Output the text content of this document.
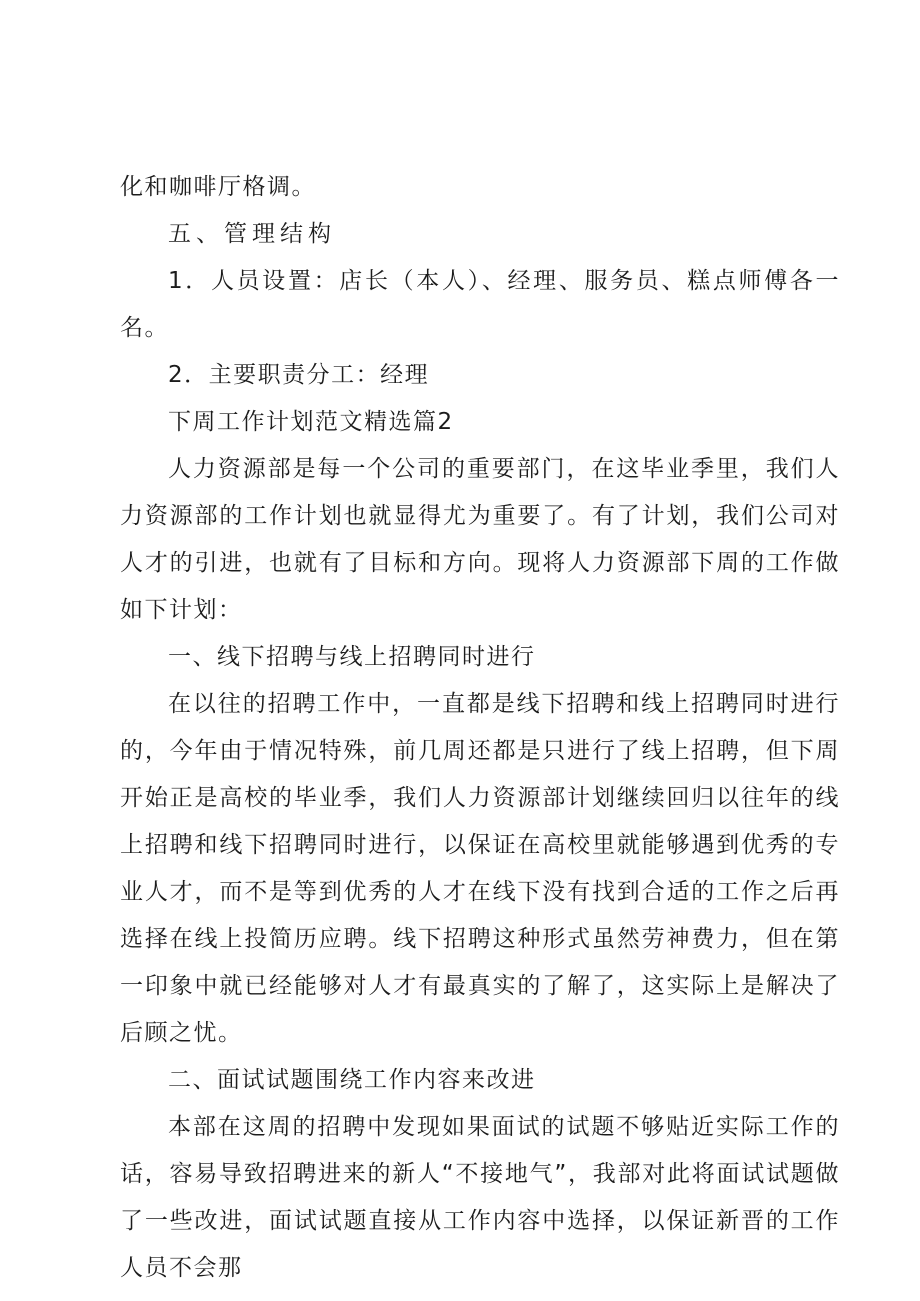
化和咖啡厅格调。

五、管理结构

1．人员设置：店长（本人）、经理、服务员、糕点师傅各一名。

2．主要职责分工：经理

下周工作计划范文精选篇2

人力资源部是每一个公司的重要部门，在这毕业季里，我们人力资源部的工作计划也就显得尤为重要了。有了计划，我们公司对人才的引进，也就有了目标和方向。现将人力资源部下周的工作做如下计划：

一、线下招聘与线上招聘同时进行

在以往的招聘工作中，一直都是线下招聘和线上招聘同时进行的，今年由于情况特殊，前几周还都是只进行了线上招聘，但下周开始正是高校的毕业季，我们人力资源部计划继续回归以往年的线上招聘和线下招聘同时进行，以保证在高校里就能够遇到优秀的专业人才，而不是等到优秀的人才在线下没有找到合适的工作之后再选择在线上投简历应聘。线下招聘这种形式虽然劳神费力，但在第一印象中就已经能够对人才有最真实的了解了，这实际上是解决了后顾之忧。

二、面试试题围绕工作内容来改进

本部在这周的招聘中发现如果面试的试题不够贴近实际工作的话，容易导致招聘进来的新人“不接地气”，我部对此将面试试题做了一些改进，面试试题直接从工作内容中选择，以保证新晋的工作人员不会那
